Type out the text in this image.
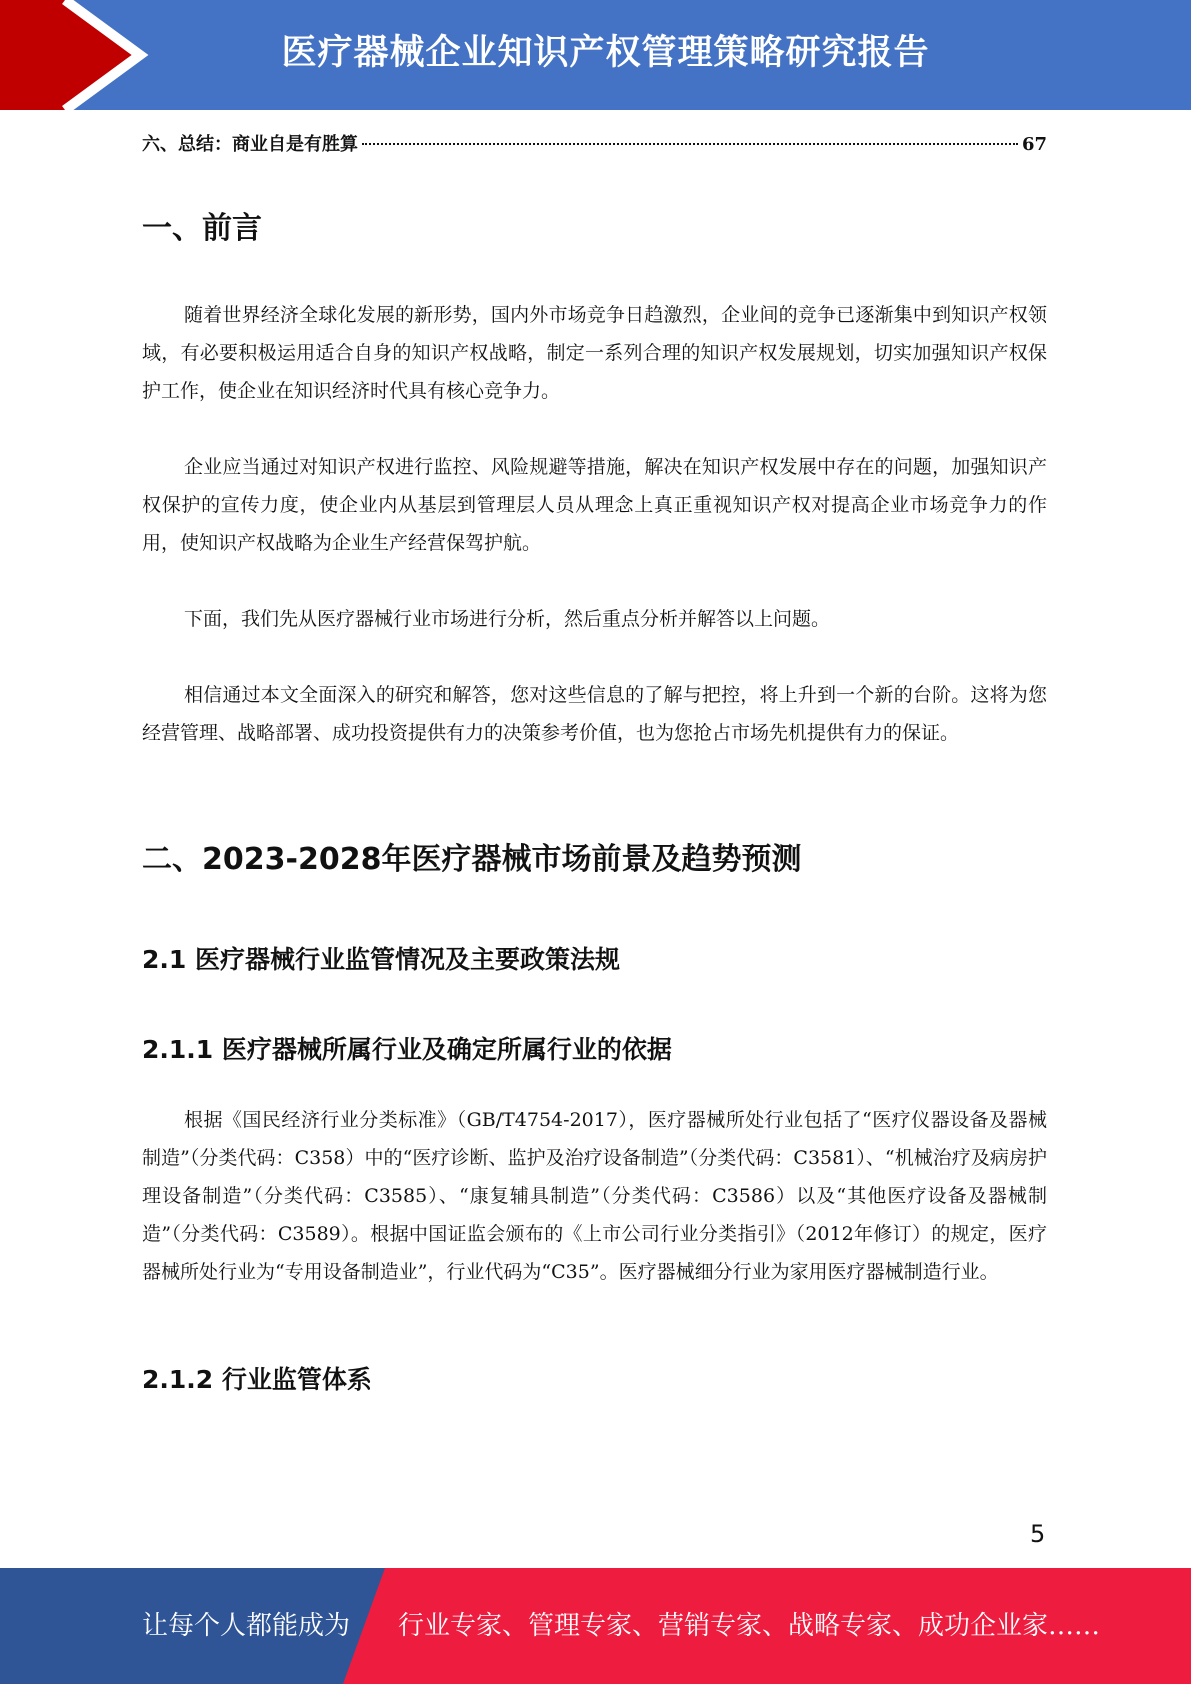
医疗器械企业知识产权管理策略研究报告
六、总结：商业自是有胜算	67
一、前言

随着世界经济全球化发展的新形势，国内外市场竞争日趋激烈，企业间的竞争已逐渐集中到知识产权领域，有必要积极运用适合自身的知识产权战略，制定一系列合理的知识产权发展规划，切实加强知识产权保护工作，使企业在知识经济时代具有核心竞争力。

企业应当通过对知识产权进行监控、风险规避等措施，解决在知识产权发展中存在的问题，加强知识产权保护的宣传力度，使企业内从基层到管理层人员从理念上真正重视知识产权对提高企业市场竞争力的作用，使知识产权战略为企业生产经营保驾护航。

下面，我们先从医疗器械行业市场进行分析，然后重点分析并解答以上问题。

相信通过本文全面深入的研究和解答，您对这些信息的了解与把控，将上升到一个新的台阶。这将为您经营管理、战略部署、成功投资提供有力的决策参考价值，也为您抢占市场先机提供有力的保证。

二、2023-2028年医疗器械市场前景及趋势预测
2.1 医疗器械行业监管情况及主要政策法规
2.1.1 医疗器械所属行业及确定所属行业的依据

根据《国民经济行业分类标准》（GB/T4754-2017），医疗器械所处行业包括了“医疗仪器设备及器械制造”（分类代码：C358）中的“医疗诊断、监护及治疗设备制造”（分类代码：C3581）、“机械治疗及病房护理设备制造”（分类代码：C3585）、“康复辅具制造”（分类代码：C3586）以及“其他医疗设备及器械制造”（分类代码：C3589）。根据中国证监会颁布的《上市公司行业分类指引》（2012年修订）的规定，医疗器械所处行业为“专用设备制造业”，行业代码为“C35”。医疗器械细分行业为家用医疗器械制造行业。

2.1.2 行业监管体系
5
让每个人都能成为 行业专家、管理专家、营销专家、战略专家、成功企业家……
